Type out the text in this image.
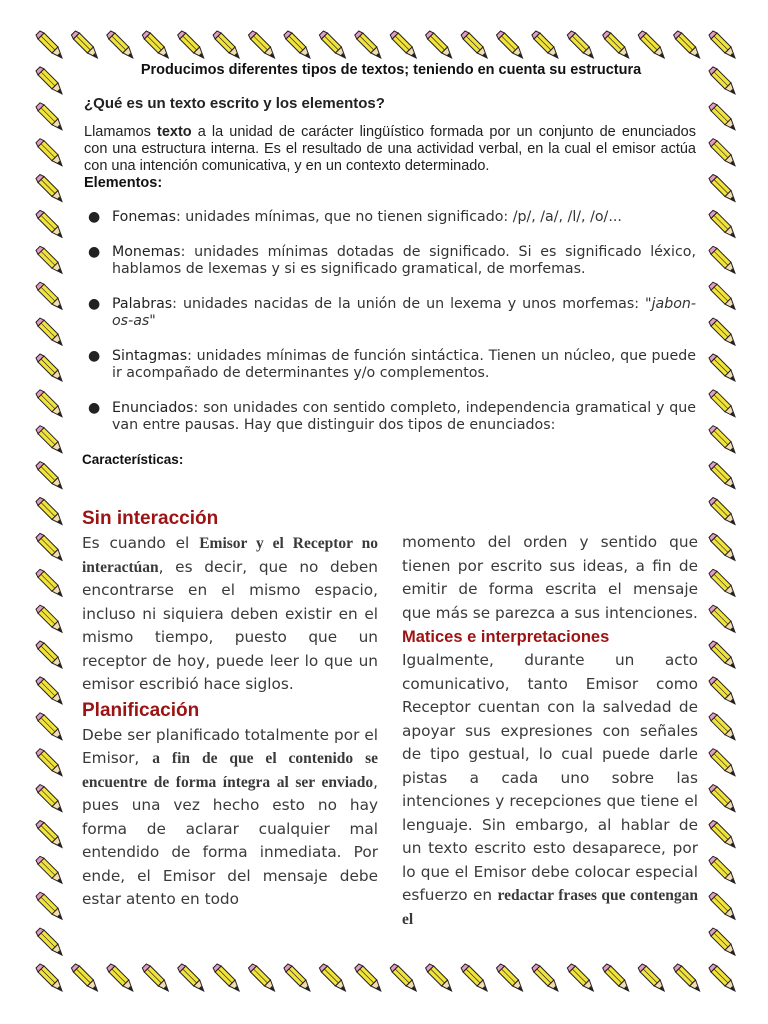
Producimos diferentes tipos de textos; teniendo en cuenta su estructura
¿Qué es un texto escrito y los elementos?
Llamamos texto a la unidad de carácter lingüístico formada por un conjunto de enunciados con una estructura interna. Es el resultado de una actividad verbal, en la cual el emisor actúa con una intención comunicativa, y en un contexto determinado.
Elementos:
● Fonemas: unidades mínimas, que no tienen significado: /p/, /a/, /l/, /o/...
● Monemas: unidades mínimas dotadas de significado. Si es significado léxico, hablamos de lexemas y si es significado gramatical, de morfemas.
● Palabras: unidades nacidas de la unión de un lexema y unos morfemas: "jabon-os-as"
● Sintagmas: unidades mínimas de función sintáctica. Tienen un núcleo, que puede ir acompañado de determinantes y/o complementos.
● Enunciados: son unidades con sentido completo, independencia gramatical y que van entre pausas. Hay que distinguir dos tipos de enunciados:
Características:
Sin interacción

Es cuando el Emisor y el Receptor no interactúan, es decir, que no deben encontrarse en el mismo espacio, incluso ni siquiera deben existir en el mismo tiempo, puesto que un receptor de hoy, puede leer lo que un emisor escribió hace siglos.

Planificación

Debe ser planificado totalmente por el Emisor, a fin de que el contenido se encuentre de forma íntegra al ser enviado, pues una vez hecho esto no hay forma de aclarar cualquier mal entendido de forma inmediata. Por ende, el Emisor del mensaje debe estar atento en todo

momento del orden y sentido que tienen por escrito sus ideas, a fin de emitir de forma escrita el mensaje que más se parezca a sus intenciones.

Matices e interpretaciones

Igualmente, durante un acto comunicativo, tanto Emisor como Receptor cuentan con la salvedad de apoyar sus expresiones con señales de tipo gestual, lo cual puede darle pistas a cada uno sobre las intenciones y recepciones que tiene el lenguaje. Sin embargo, al hablar de un texto escrito esto desaparece, por lo que el Emisor debe colocar especial esfuerzo en redactar frases que contengan el
